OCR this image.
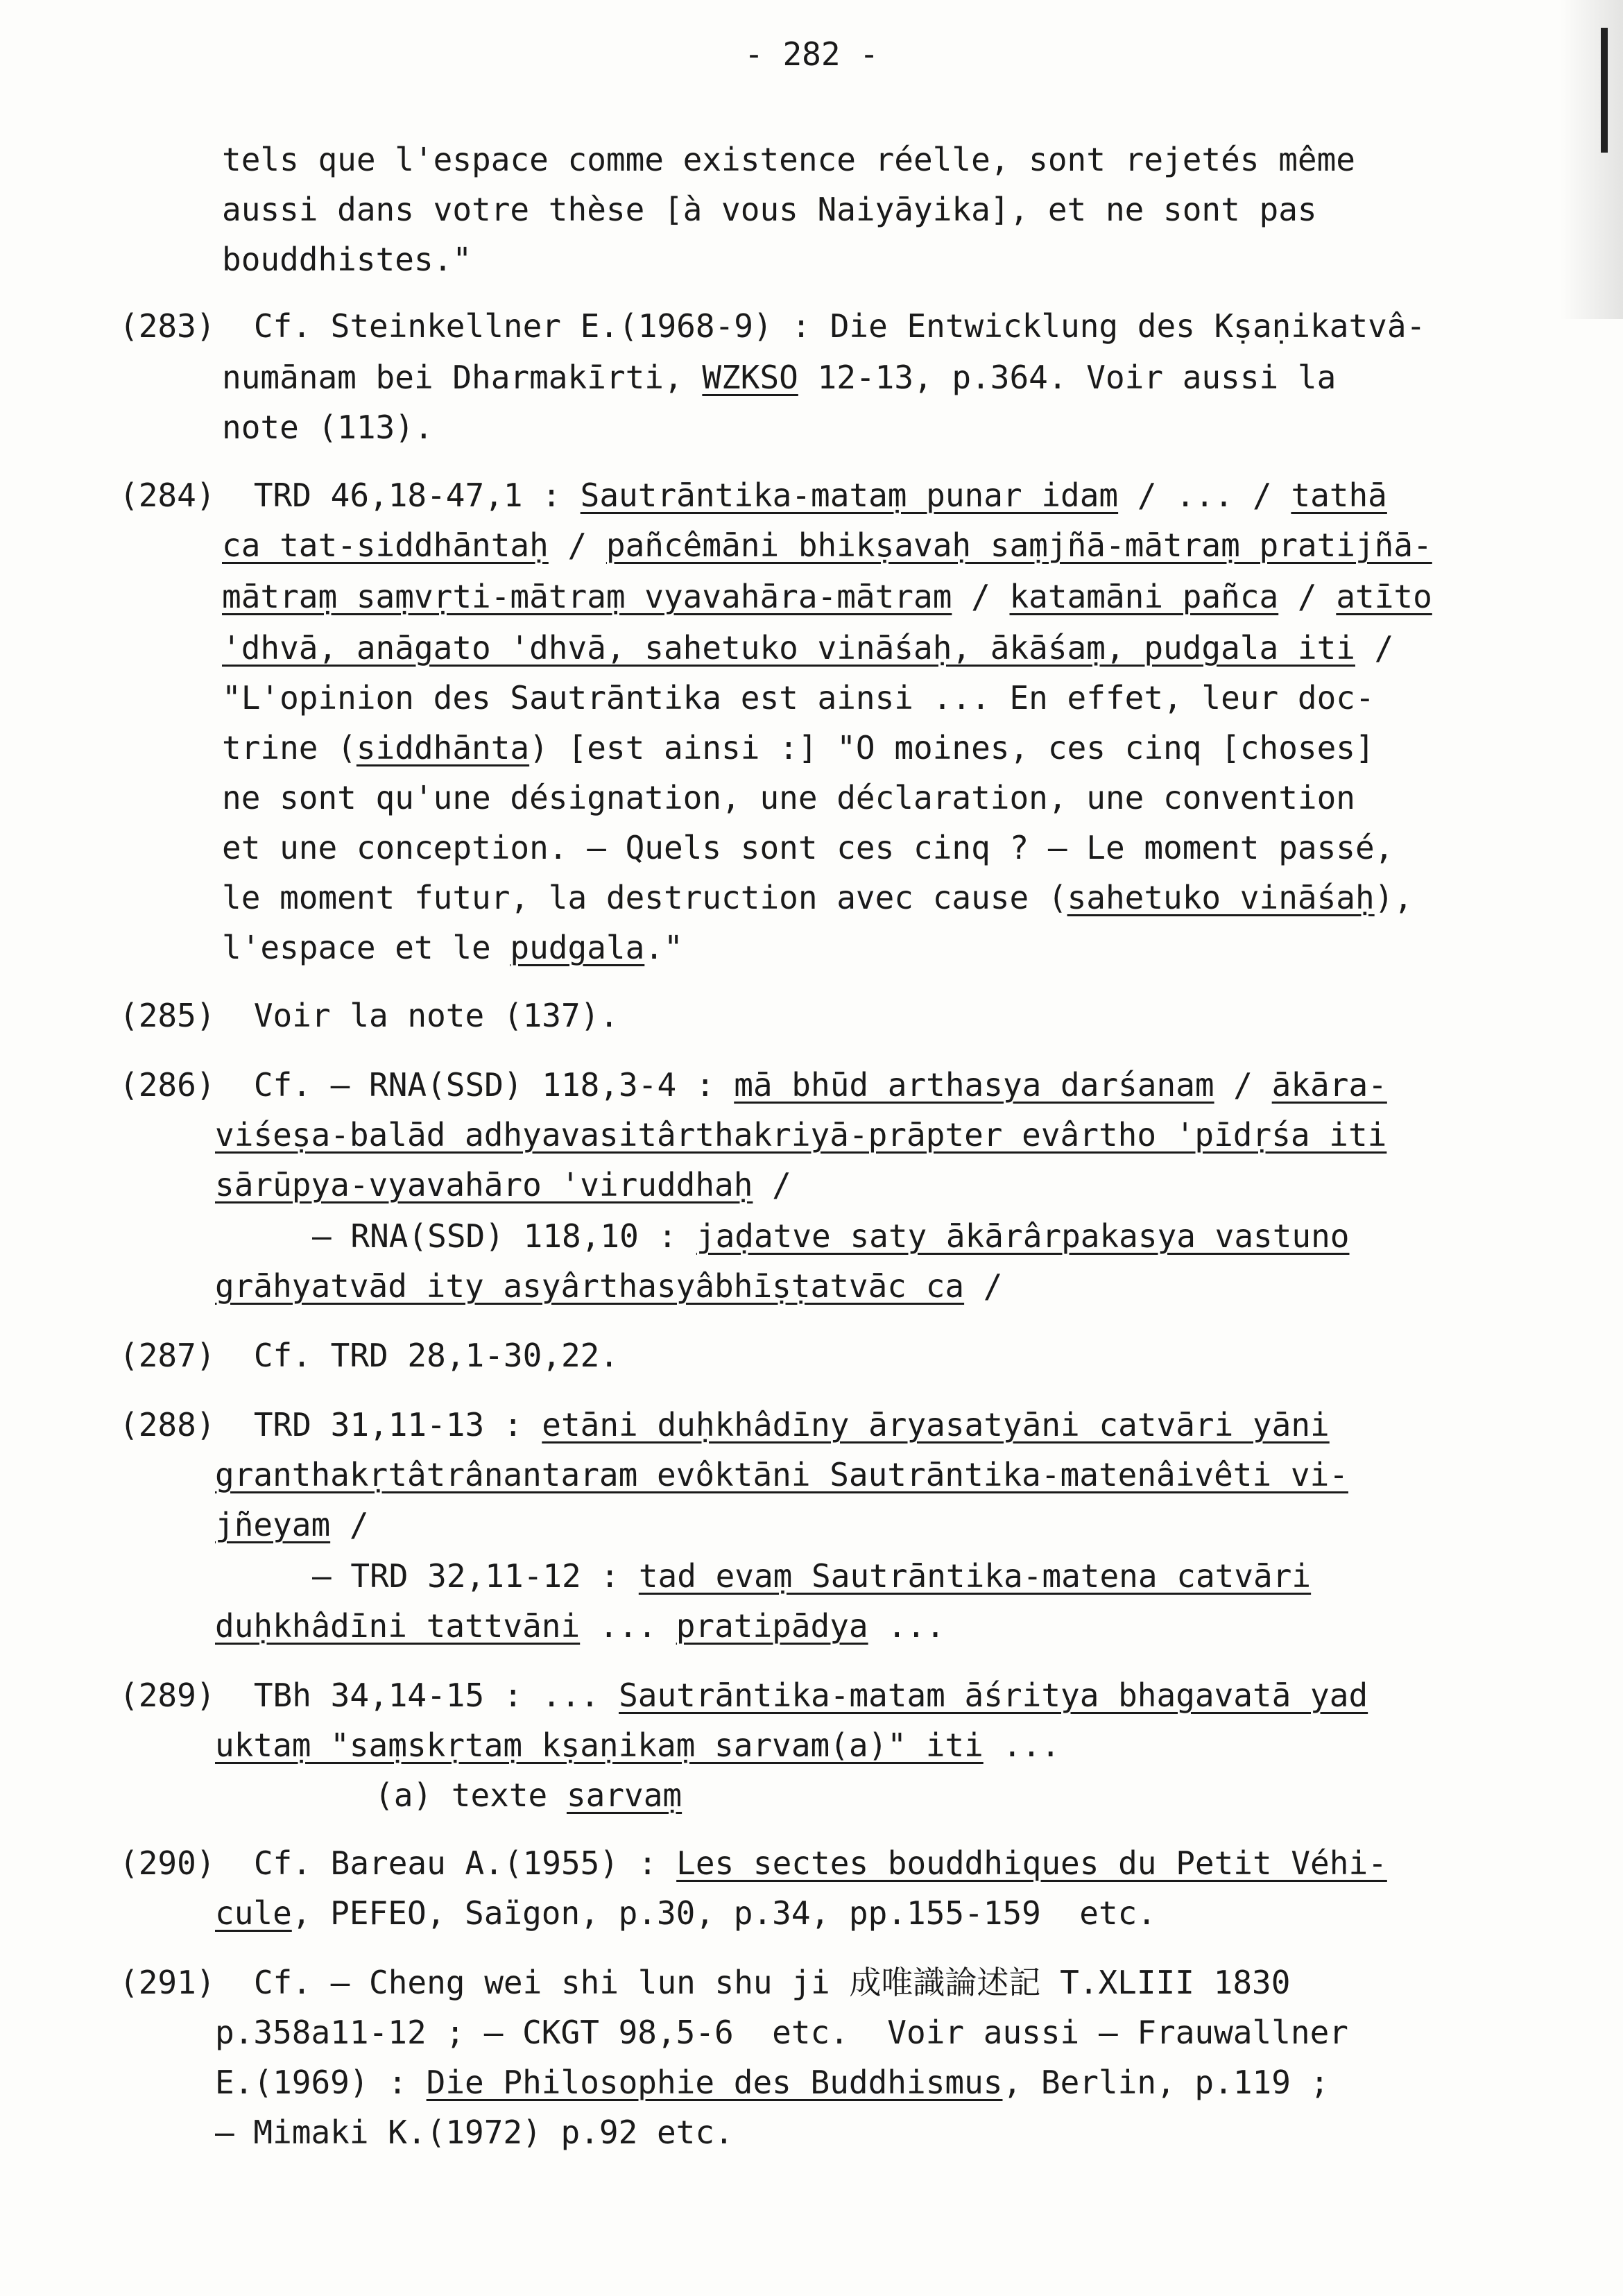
- 282 -
tels que l'espace comme existence réelle, sont rejetés même
aussi dans votre thèse [à vous Naiyāyika], et ne sont pas
bouddhistes."
(283)  Cf. Steinkellner E.(1968-9) : Die Entwicklung des Kṣaṇikatvâ-
numānam bei Dharmakīrti, WZKSO 12-13, p.364. Voir aussi la
note (113).
(284)  TRD 46,18-47,1 : Sautrāntika-mataṃ punar idam / ... / tathā
ca tat-siddhāntaḥ / pañcêmāni bhikṣavaḥ saṃjñā-mātraṃ pratijñā-
mātraṃ saṃvṛti-mātraṃ vyavahāra-mātram / katamāni pañca / atīto
'dhvā, anāgato 'dhvā, sahetuko vināśaḥ, ākāśaṃ, pudgala iti /
"L'opinion des Sautrāntika est ainsi ... En effet, leur doc-
trine (siddhānta) [est ainsi :] "O moines, ces cinq [choses]
ne sont qu'une désignation, une déclaration, une convention
et une conception. — Quels sont ces cinq ? — Le moment passé,
le moment futur, la destruction avec cause (sahetuko vināśaḥ),
l'espace et le pudgala."
(285)  Voir la note (137).
(286)  Cf. — RNA(SSD) 118,3-4 : mā bhūd arthasya darśanam / ākāra-
viśeṣa-balād adhyavasitârthakriyā-prāpter evârtho 'pīdṛśa iti
sārūpya-vyavahāro 'viruddhaḥ /
— RNA(SSD) 118,10 : jaḍatve saty ākārârpakasya vastuno
grāhyatvād ity asyârthasyâbhīṣṭatvāc ca /
(287)  Cf. TRD 28,1-30,22.
(288)  TRD 31,11-13 : etāni duḥkhâdīny āryasatyāni catvāri yāni
granthakṛtâtrânantaram evôktāni Sautrāntika-matenâivêti vi-
jñeyam /
— TRD 32,11-12 : tad evaṃ Sautrāntika-matena catvāri
duḥkhâdīni tattvāni ... pratipādya ...
(289)  TBh 34,14-15 : ... Sautrāntika-matam āśritya bhagavatā yad
uktaṃ "saṃskṛtaṃ kṣaṇikaṃ sarvam(a)" iti ...
(a) texte sarvaṃ
(290)  Cf. Bareau A.(1955) : Les sectes bouddhiques du Petit Véhi-
cule, PEFEO, Saïgon, p.30, p.34, pp.155-159  etc.
(291)  Cf. — Cheng wei shi lun shu ji 成唯識論述記 T.XLIII 1830
p.358a11-12 ; — CKGT 98,5-6  etc.  Voir aussi — Frauwallner
E.(1969) : Die Philosophie des Buddhismus, Berlin, p.119 ;
— Mimaki K.(1972) p.92 etc.
